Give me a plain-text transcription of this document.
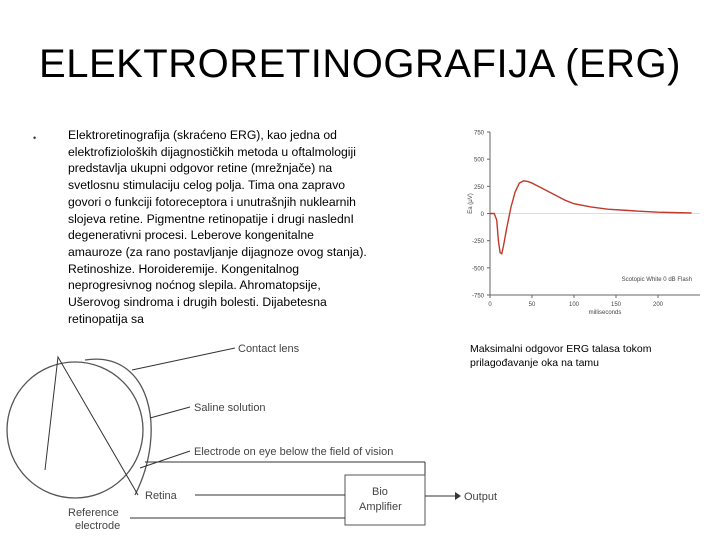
ELEKTRORETINOGRAFIJA (ERG)
•	Elektroretinografija (skraćeno ERG), kao jedna od elektrofizioloških dijagnostičkih metoda u oftalmologiji predstavlja ukupni odgovor retine (mrežnjače) na svetlosnu stimulaciju celog polja. Tima ona zapravo govori o funkciji fotoreceptora i unutrašnjih nuklearnih slojeva retine. Pigmentne retinopatije i drugi naslednI degenerativni procesi. Leberove kongenitalne amauroze (za rano postavljanje dijagnoze ovog stanja). Retinoshize. Horoideremije. Kongenitalnog neprogresivnog noćnog slepila. Ahromatopsije, Ušerovog sindroma i drugih bolesti. Dijabetesna retinopatija sa
750
500
250
0
-250
-500
-750
0	50	100	150	200
milliseconds
Ea (μV)
Scotopic White 0 dB Flash
Maksimalni odgovor ERG talasa tokom prilagođavanje oka na tamu
Contact lens
Saline solution
Electrode on eye below the field of vision
Retina	Bio
Amplifier
Output
Reference
electrode
